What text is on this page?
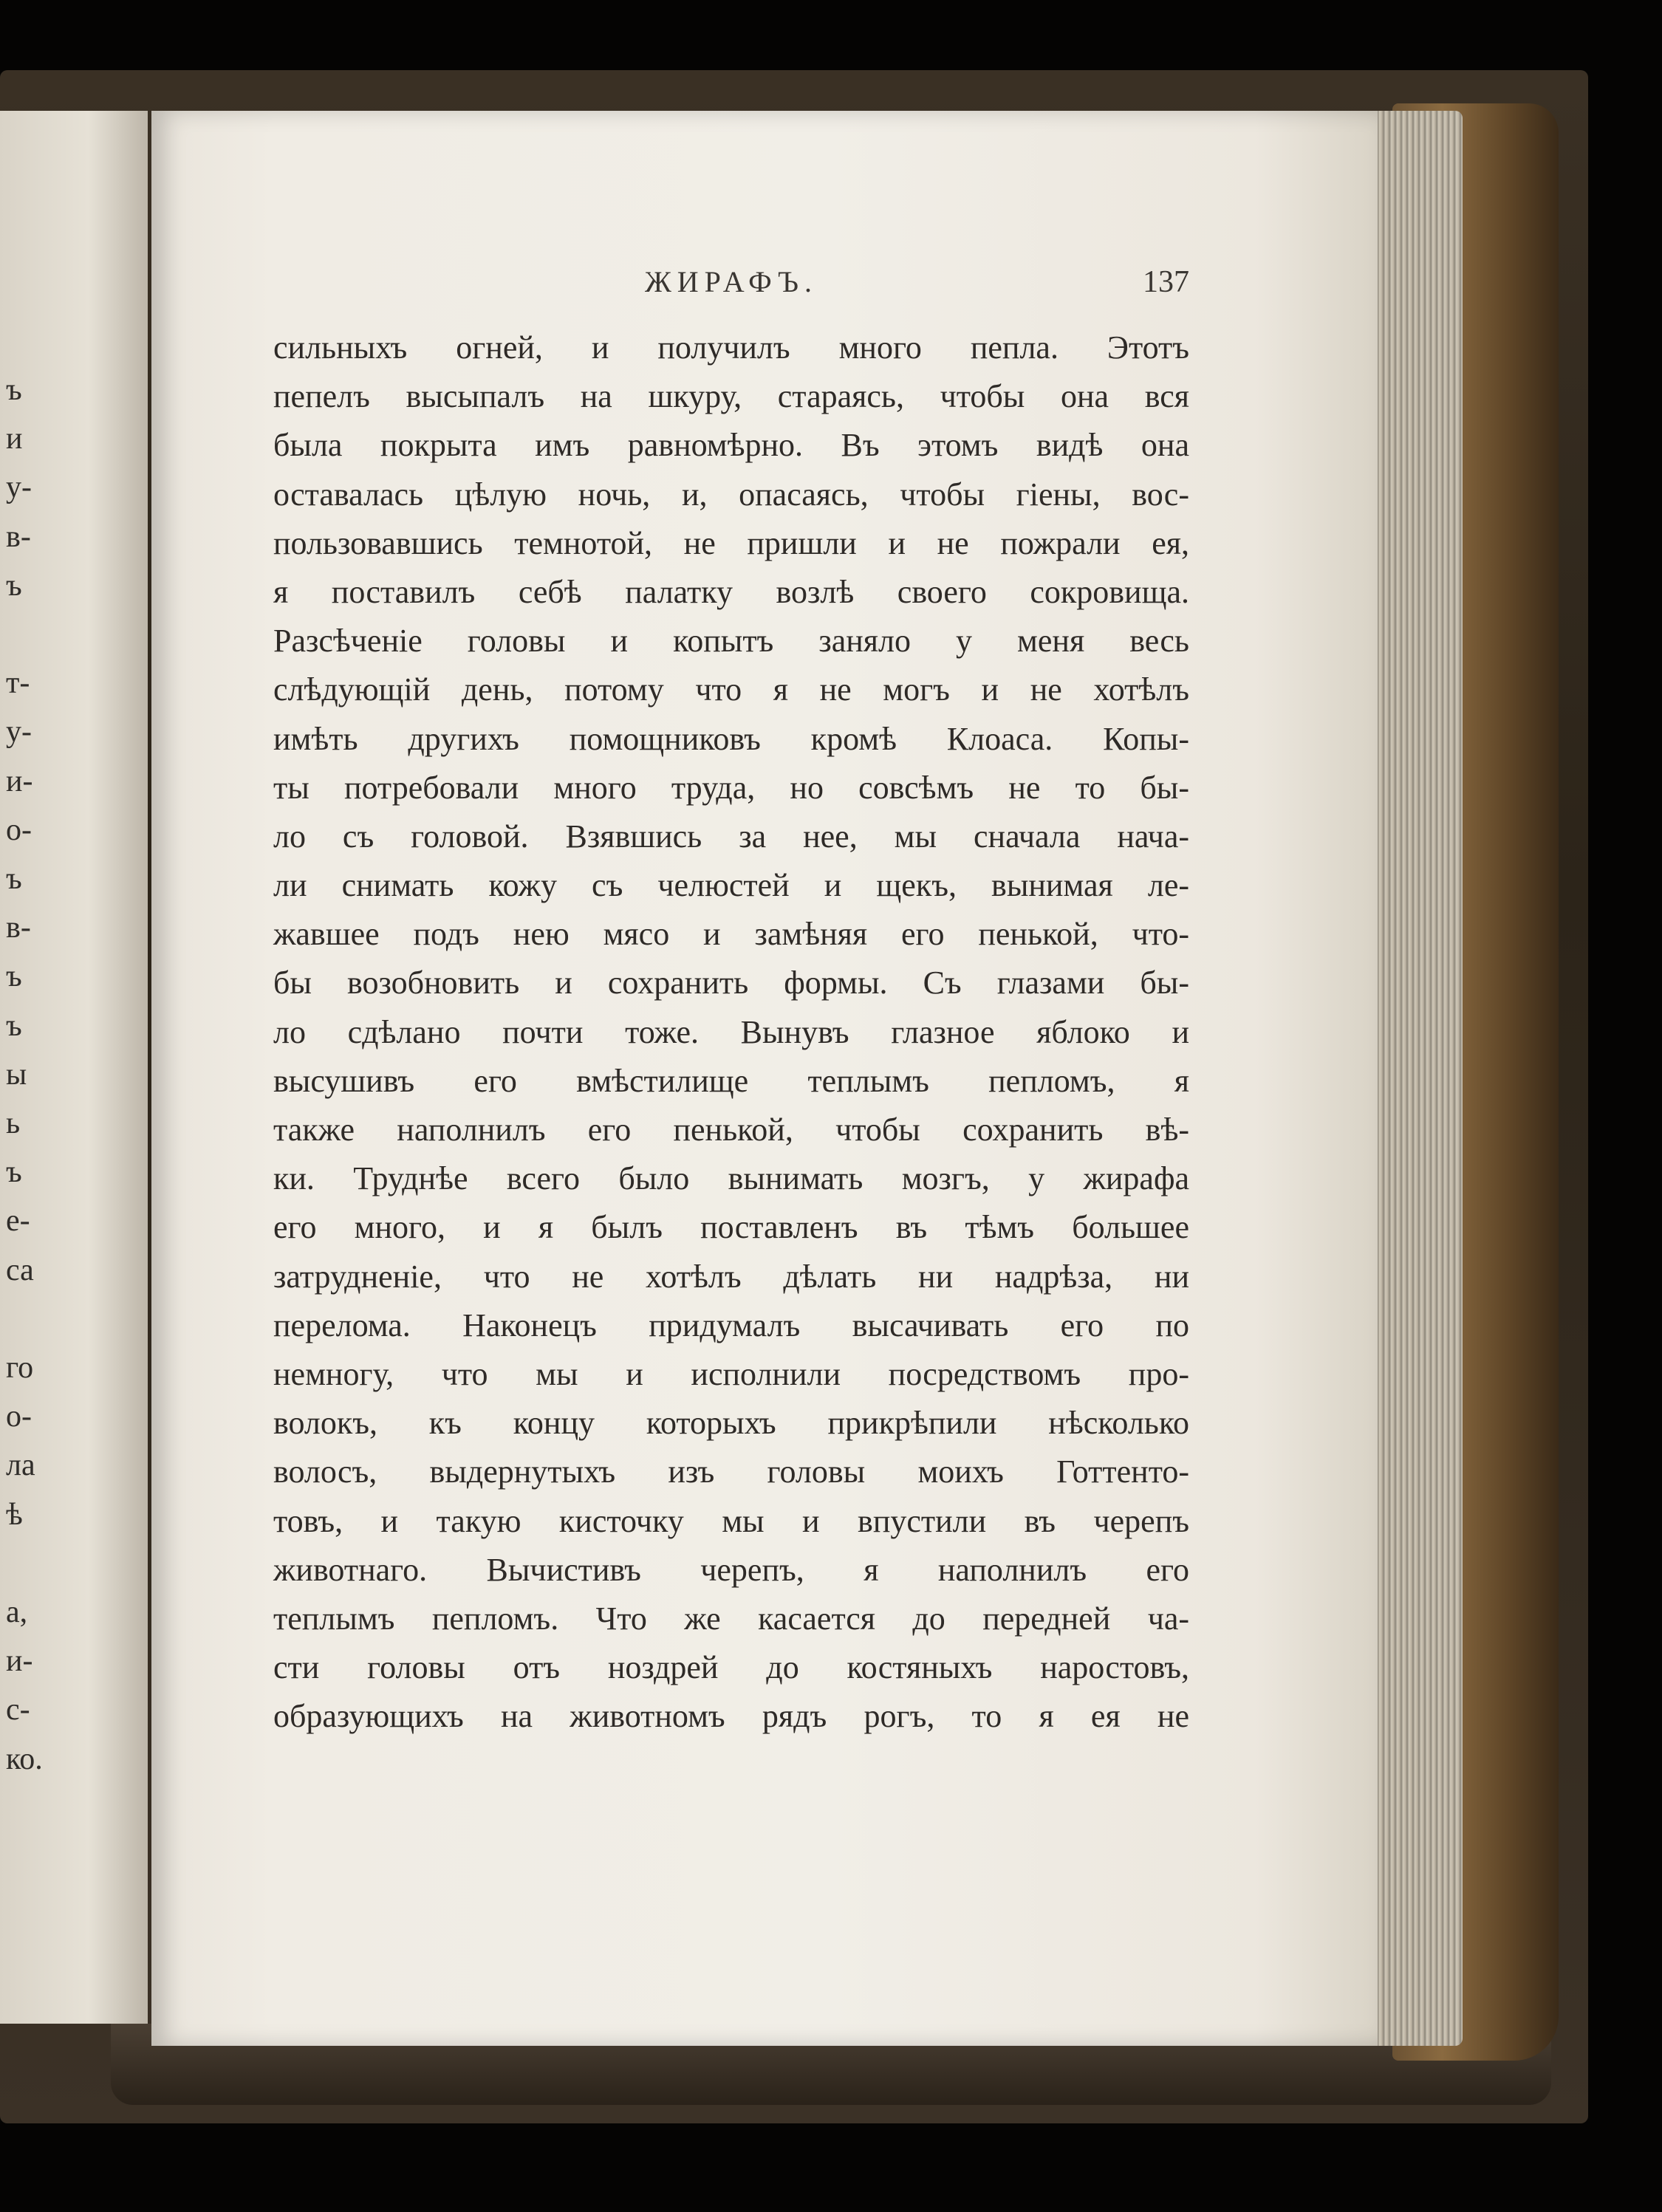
ъ
и
у-
в-
ъ
т-
у-
и-
о-
ъ
в-
ъ
ъ
ы
ь
ъ
е-
са
го
о-
ла
ѣ
а,
и-
с-
ко.
ЖИРАФЪ.	137
сильныхъ огней, и получилъ много пепла. Этотъ
пепелъ высыпалъ на шкуру, стараясь, чтобы она вся
была покрыта имъ равномѣрно. Въ этомъ видѣ она
оставалась цѣлую ночь, и, опасаясь, чтобы гіены, вос-
пользовавшись темнотой, не пришли и не пожрали ея,
я поставилъ себѣ палатку возлѣ своего сокровища.
Разсѣченіе головы и копытъ заняло у меня весь
слѣдующій день, потому что я не могъ и не хотѣлъ
имѣть другихъ помощниковъ кромѣ Клоаса. Копы-
ты потребовали много труда, но совсѣмъ не то бы-
ло съ головой. Взявшись за нее, мы сначала нача-
ли снимать кожу съ челюстей и щекъ, вынимая ле-
жавшее подъ нею мясо и замѣняя его пенькой, что-
бы возобновить и сохранить формы. Съ глазами бы-
ло сдѣлано почти тоже. Вынувъ глазное яблоко и
высушивъ его вмѣстилище теплымъ пепломъ, я
также наполнилъ его пенькой, чтобы сохранить вѣ-
ки. Труднѣе всего было вынимать мозгъ, у жирафа
его много, и я былъ поставленъ въ тѣмъ большее
затрудненіе, что не хотѣлъ дѣлать ни надрѣза, ни
перелома. Наконецъ придумалъ высачивать его по
немногу, что мы и исполнили посредствомъ про-
волокъ, къ концу которыхъ прикрѣпили нѣсколько
волосъ, выдернутыхъ изъ головы моихъ Готтенто-
товъ, и такую кисточку мы и впустили въ черепъ
животнаго. Вычистивъ черепъ, я наполнилъ его
теплымъ пепломъ. Что же касается до передней ча-
сти головы отъ ноздрей до костяныхъ наростовъ,
образующихъ на животномъ рядъ рогъ, то я ея не
